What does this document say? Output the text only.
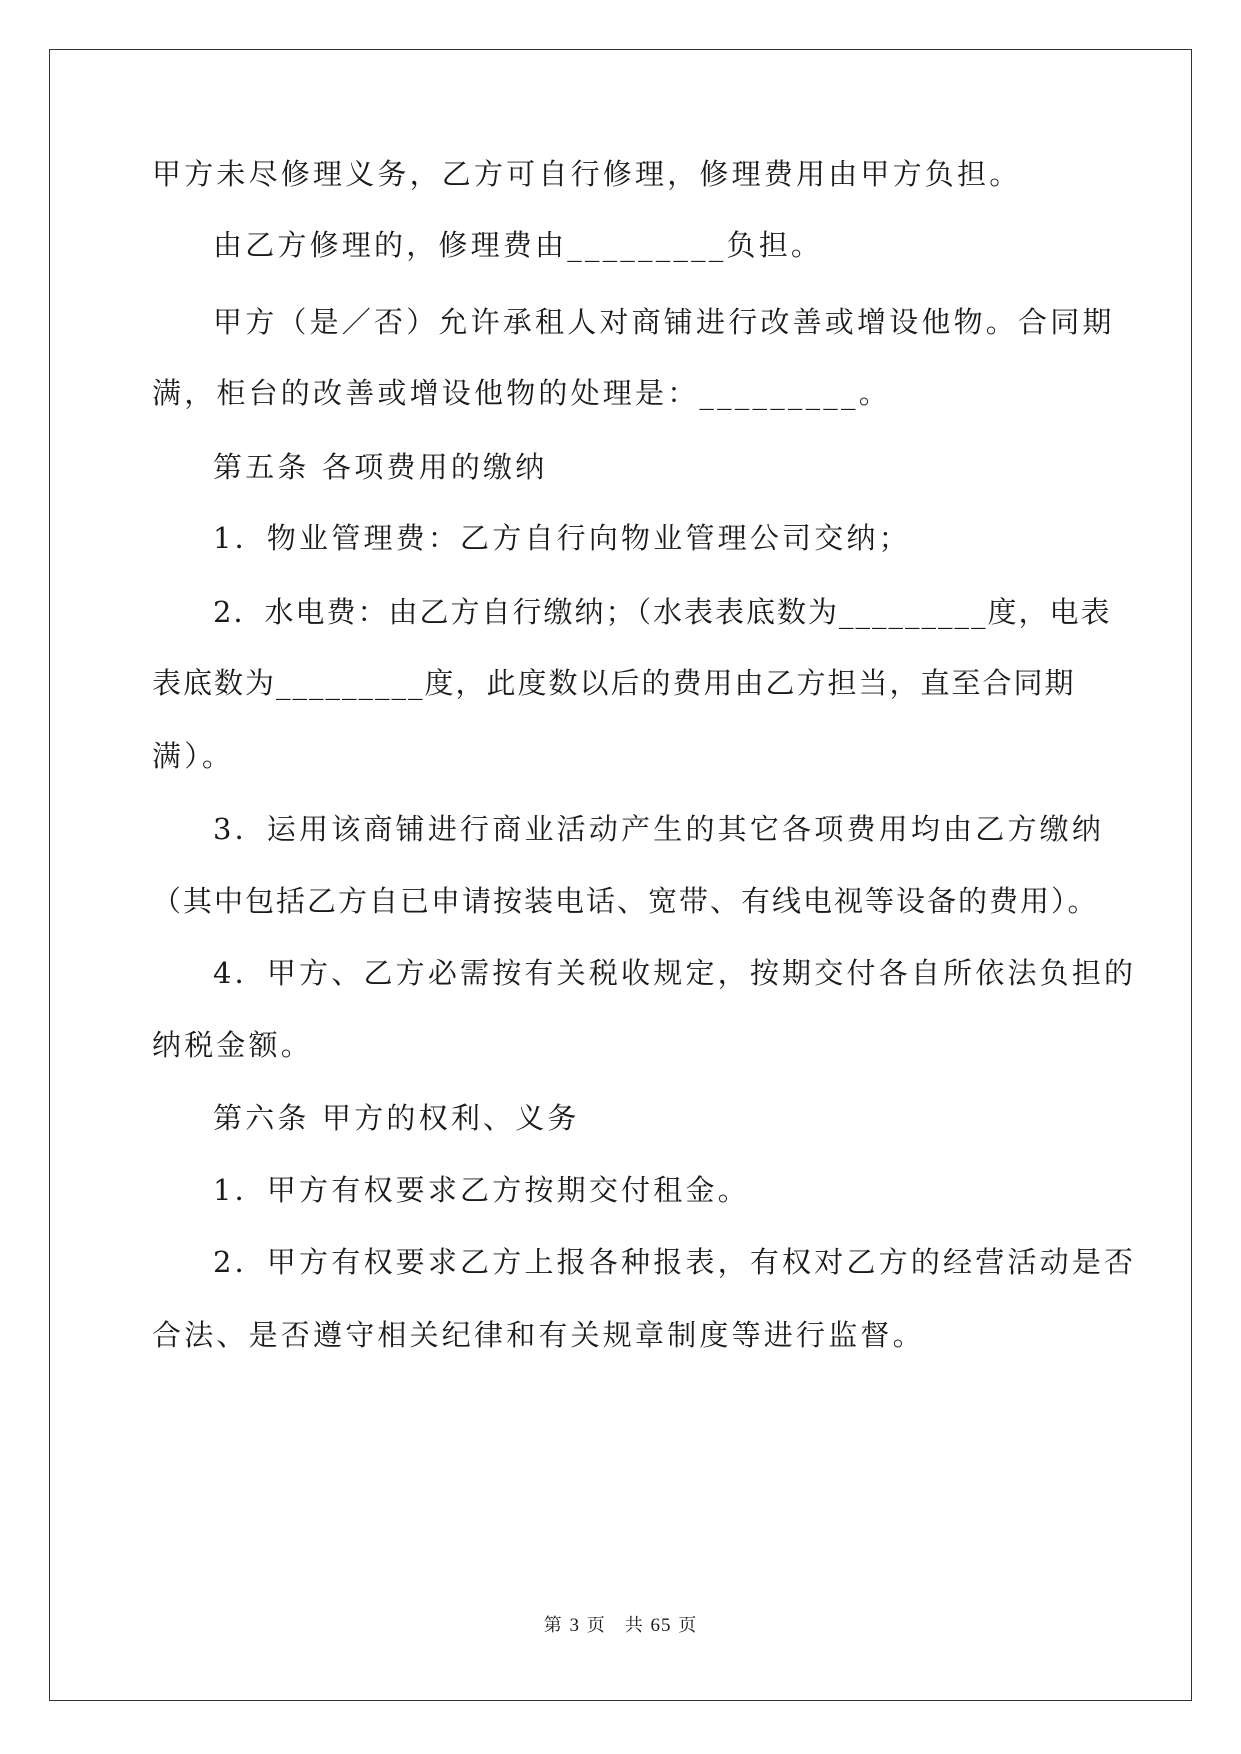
甲方未尽修理义务，乙方可自行修理，修理费用由甲方负担。
由乙方修理的，修理费由_________负担。
甲方（是／否）允许承租人对商铺进行改善或增设他物。合同期
满，柜台的改善或增设他物的处理是：_________。
第五条 各项费用的缴纳
1．物业管理费：乙方自行向物业管理公司交纳；
2．水电费：由乙方自行缴纳；（水表表底数为_________度，电表
表底数为_________度，此度数以后的费用由乙方担当，直至合同期
满）。
3．运用该商铺进行商业活动产生的其它各项费用均由乙方缴纳
（其中包括乙方自已申请按装电话、宽带、有线电视等设备的费用）。
4．甲方、乙方必需按有关税收规定，按期交付各自所依法负担的
纳税金额。
第六条 甲方的权利、义务
1．甲方有权要求乙方按期交付租金。
2．甲方有权要求乙方上报各种报表，有权对乙方的经营活动是否
合法、是否遵守相关纪律和有关规章制度等进行监督。
第 3 页　共 65 页
